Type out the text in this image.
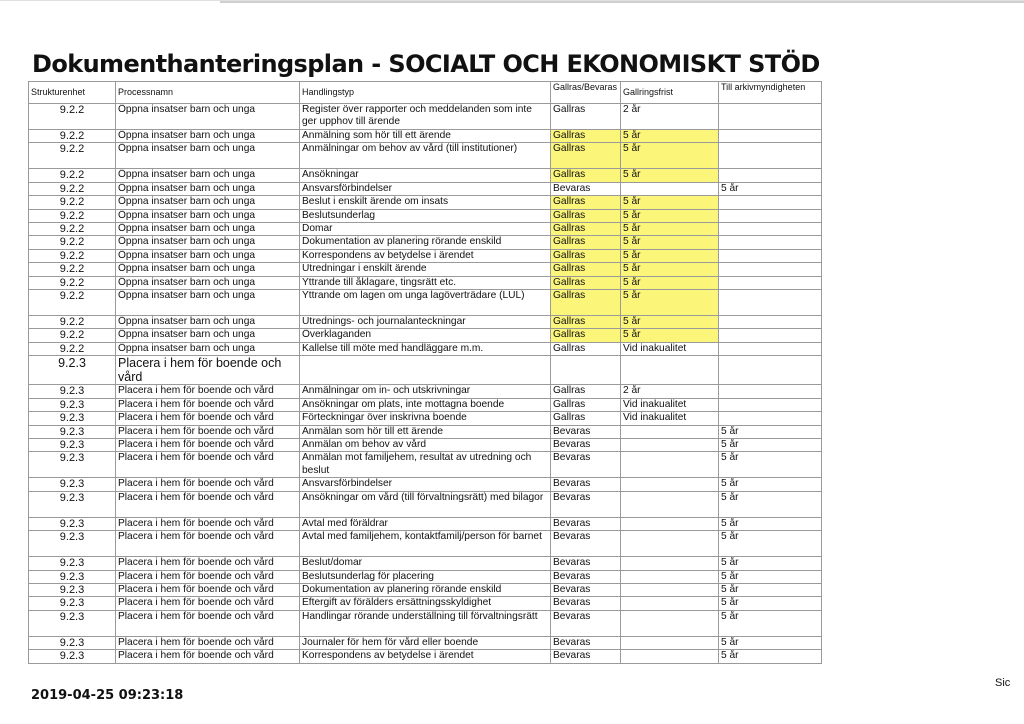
Dokumenthanteringsplan - SOCIALT OCH EKONOMISKT STÖD
Strukturenhet	Processnamn	Handlingstyp	Gallras/Bevaras	Gallringsfrist	Till arkivmyndigheten
9.2.2	Öppna insatser barn och unga	Register över rapporter och meddelanden som inte ger upphov till ärende	Gallras	2 år	
9.2.2	Öppna insatser barn och unga	Anmälning som hör till ett ärende	Gallras	5 år	
9.2.2	Öppna insatser barn och unga	Anmälningar om behov av vård (till institutioner)	Gallras	5 år	
9.2.2	Öppna insatser barn och unga	Ansökningar	Gallras	5 år	
9.2.2	Öppna insatser barn och unga	Ansvarsförbindelser	Bevaras		5 år
9.2.2	Öppna insatser barn och unga	Beslut i enskilt ärende om insats	Gallras	5 år	
9.2.2	Öppna insatser barn och unga	Beslutsunderlag	Gallras	5 år	
9.2.2	Öppna insatser barn och unga	Domar	Gallras	5 år	
9.2.2	Öppna insatser barn och unga	Dokumentation av planering rörande enskild	Gallras	5 år	
9.2.2	Öppna insatser barn och unga	Korrespondens av betydelse i ärendet	Gallras	5 år	
9.2.2	Öppna insatser barn och unga	Utredningar i enskilt ärende	Gallras	5 år	
9.2.2	Öppna insatser barn och unga	Yttrande till åklagare, tingsrätt etc.	Gallras	5 år	
9.2.2	Öppna insatser barn och unga	Yttrande om lagen om unga lagöverträdare (LUL)	Gallras	5 år	
9.2.2	Öppna insatser barn och unga	Utrednings- och journalanteckningar	Gallras	5 år	
9.2.2	Öppna insatser barn och unga	Överklaganden	Gallras	5 år	
9.2.2	Öppna insatser barn och unga	Kallelse till möte med handläggare m.m.	Gallras	Vid inakualitet	
9.2.3	Placera i hem för boende och vård				
9.2.3	Placera i hem för boende och vård	Anmälningar om in- och utskrivningar	Gallras	2 år	
9.2.3	Placera i hem för boende och vård	Ansökningar om plats, inte mottagna boende	Gallras	Vid inakualitet	
9.2.3	Placera i hem för boende och vård	Förteckningar över inskrivna boende	Gallras	Vid inakualitet	
9.2.3	Placera i hem för boende och vård	Anmälan som hör till ett ärende	Bevaras		5 år
9.2.3	Placera i hem för boende och vård	Anmälan om behov av vård	Bevaras		5 år
9.2.3	Placera i hem för boende och vård	Anmälan mot familjehem, resultat av utredning och beslut	Bevaras		5 år
9.2.3	Placera i hem för boende och vård	Ansvarsförbindelser	Bevaras		5 år
9.2.3	Placera i hem för boende och vård	Ansökningar om vård (till förvaltningsrätt) med bilagor	Bevaras		5 år
9.2.3	Placera i hem för boende och vård	Avtal med föräldrar	Bevaras		5 år
9.2.3	Placera i hem för boende och vård	Avtal med familjehem, kontaktfamilj/person för barnet	Bevaras		5 år
9.2.3	Placera i hem för boende och vård	Beslut/domar	Bevaras		5 år
9.2.3	Placera i hem för boende och vård	Beslutsunderlag för placering	Bevaras		5 år
9.2.3	Placera i hem för boende och vård	Dokumentation av planering rörande enskild	Bevaras		5 år
9.2.3	Placera i hem för boende och vård	Eftergift av förälders ersättningsskyldighet	Bevaras		5 år
9.2.3	Placera i hem för boende och vård	Handlingar rörande underställning till förvaltningsrätt	Bevaras		5 år
9.2.3	Placera i hem för boende och vård	Journaler för hem för vård eller boende	Bevaras		5 år
9.2.3	Placera i hem för boende och vård	Korrespondens av betydelse i ärendet	Bevaras		5 år
2019-04-25 09:23:18
Sic
